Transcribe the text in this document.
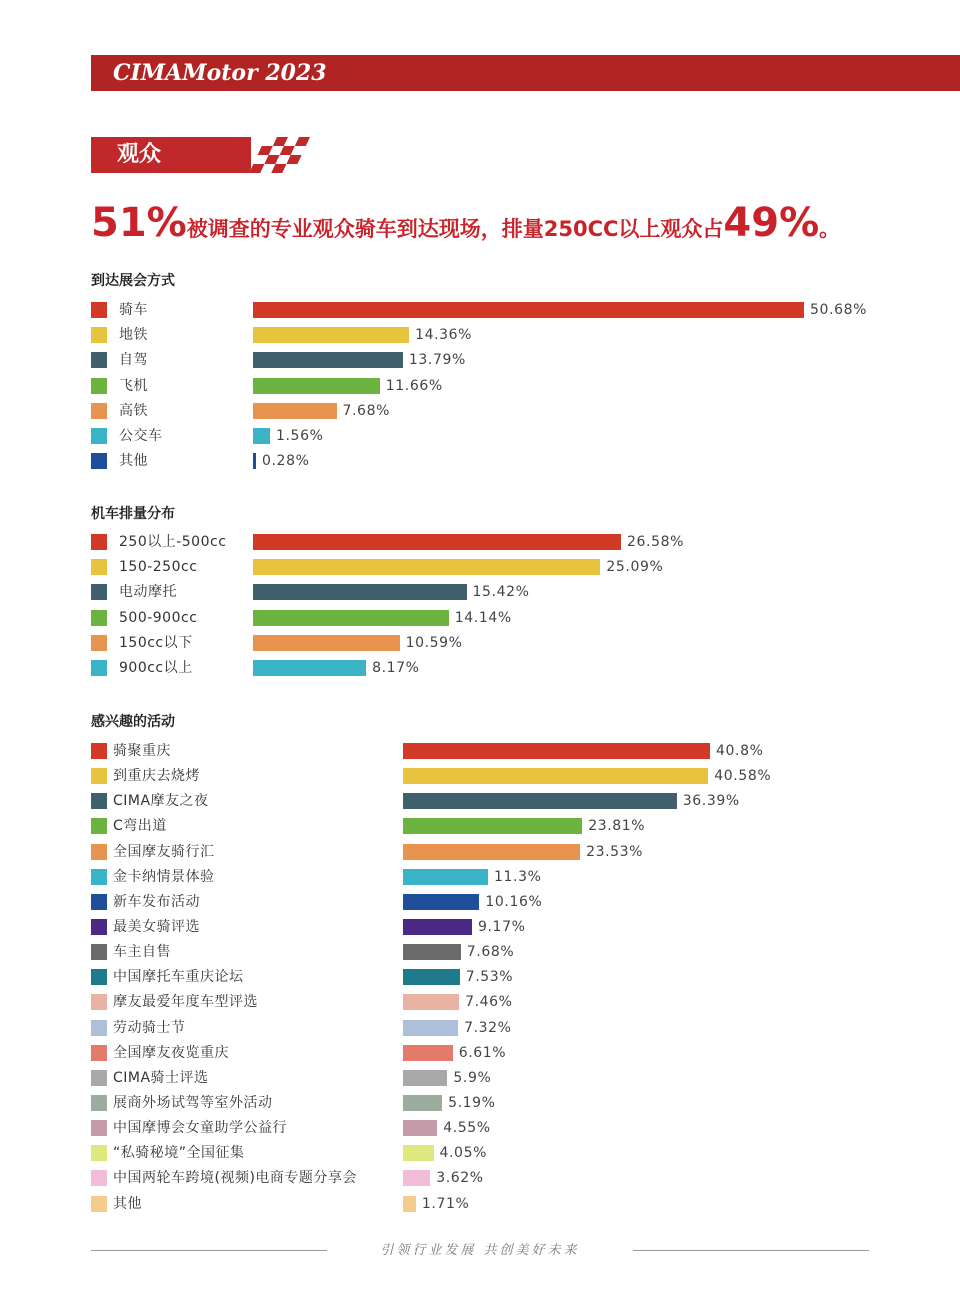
CIMAMotor 2023
观众
51%被调查的专业观众骑车到达现场，排量250CC以上观众占49%。
到达展会方式
机车排量分布
感兴趣的活动
骑车	50.68%
地铁	14.36%
自驾	13.79%
飞机	11.66%
高铁	7.68%
公交车	1.56%
其他	0.28%
250以上-500cc	26.58%
150-250cc	25.09%
电动摩托	15.42%
500-900cc	14.14%
150cc以下	10.59%
900cc以上	8.17%
骑聚重庆	40.8%
到重庆去烧烤	40.58%
CIMA摩友之夜	36.39%
C弯出道	23.81%
全国摩友骑行汇	23.53%
金卡纳情景体验	11.3%
新车发布活动	10.16%
最美女骑评选	9.17%
车主自售	7.68%
中国摩托车重庆论坛	7.53%
摩友最爱年度车型评选	7.46%
劳动骑士节	7.32%
全国摩友夜览重庆	6.61%
CIMA骑士评选	5.9%
展商外场试驾等室外活动	5.19%
中国摩博会女童助学公益行	4.55%
“私骑秘境”全国征集	4.05%
中国两轮车跨境(视频)电商专题分享会	3.62%
其他	1.71%
引领行业发展 共创美好未来
